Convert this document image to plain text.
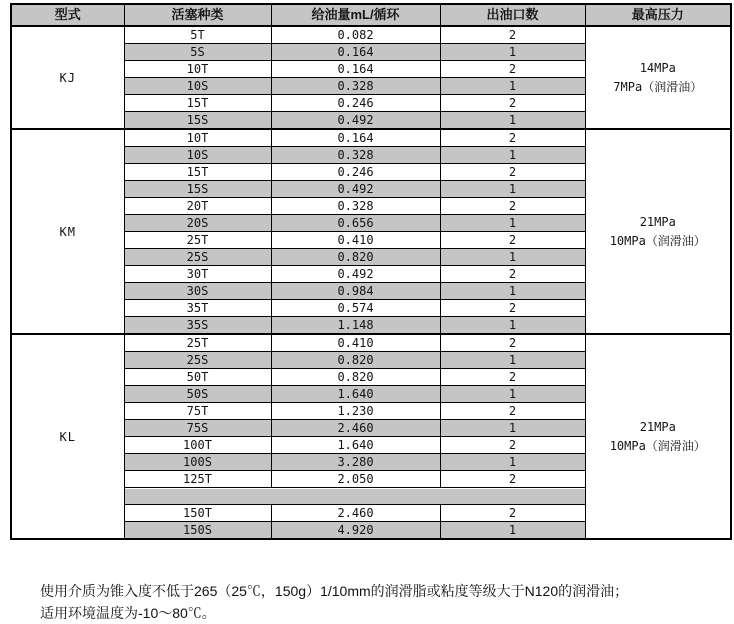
型式	活塞种类	给油量mL/循环	出油口数	最高压力
KJ	5T	0.082	2	14MPa
7MPa（润滑油）

	5S	0.164	1	
	10T	0.164	2	
	10S	0.328	1	
	15T	0.246	2	
	15S	0.492	1	
KM	10T	0.164	2	21MPa
10MPa（润滑油）

	10S	0.328	1	
	15T	0.246	2	
	15S	0.492	1	
	20T	0.328	2	
	20S	0.656	1	
	25T	0.410	2	
	25S	0.820	1	
	30T	0.492	2	
	30S	0.984	1	
	35T	0.574	2	
	35S	1.148	1	
KL	25T	0.410	2	21MPa
10MPa（润滑油）

	25S	0.820	1	
	50T	0.820	2	
	50S	1.640	1	
	75T	1.230	2	
	75S	2.460	1	
	100T	1.640	2	
	100S	3.280	1	
	125T	2.050	2	

	150T	2.460	2	
	150S	4.920	1	
使用介质为锥入度不低于265（25℃，150g）1/10mm的润滑脂或粘度等级大于N120的润滑油；
适用环境温度为-10～80℃。
